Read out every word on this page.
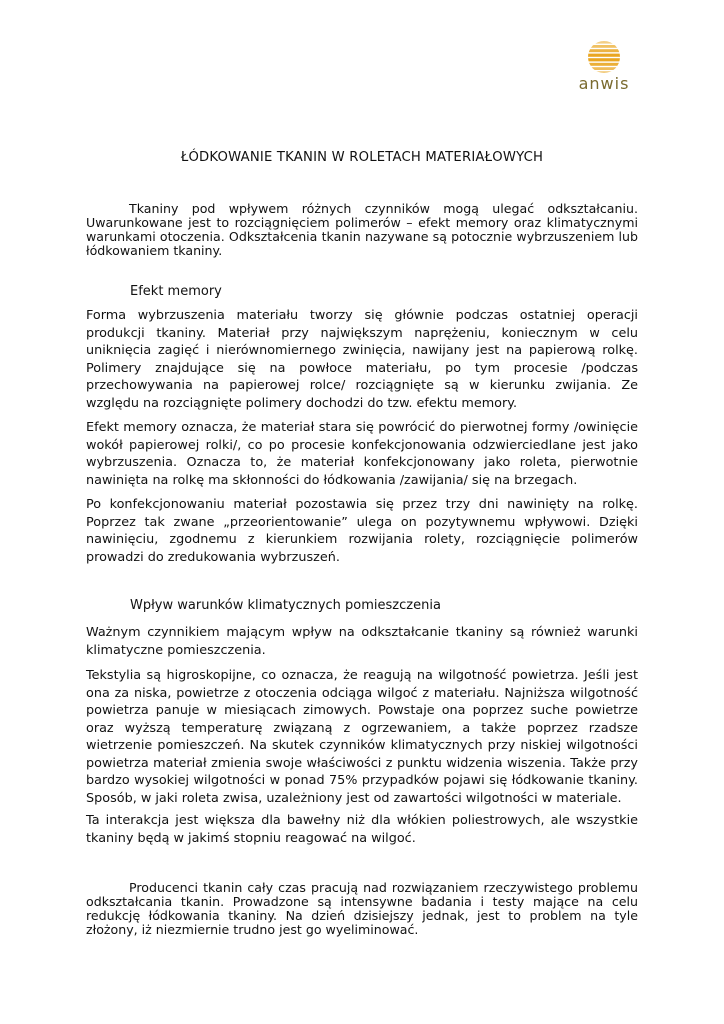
anwis
ŁÓDKOWANIE TKANIN W ROLETACH MATERIAŁOWYCH

Tkaniny pod wpływem różnych czynników mogą ulegać odkształcaniu. Uwarunkowane jest to rozciągnięciem polimerów – efekt memory oraz klimatycznymi warunkami otoczenia. Odkształcenia tkanin nazywane są potocznie wybrzuszeniem lub łódkowaniem tkaniny.

Efekt memory

Forma wybrzuszenia materiału tworzy się głównie podczas ostatniej operacji produkcji tkaniny. Materiał przy największym naprężeniu, koniecznym w celu uniknięcia zagięć i nierównomiernego zwinięcia, nawijany jest na papierową rolkę. Polimery znajdujące się na powłoce materiału, po tym procesie /podczas przechowywania na papierowej rolce/ rozciągnięte są w kierunku zwijania. Ze względu na rozciągnięte polimery dochodzi do tzw. efektu memory.

Efekt memory oznacza, że materiał stara się powrócić do pierwotnej formy /owinięcie wokół papierowej rolki/, co po procesie konfekcjonowania odzwierciedlane jest jako wybrzuszenia. Oznacza to, że materiał konfekcjonowany jako roleta, pierwotnie nawinięta na rolkę ma skłonności do łódkowania /zawijania/ się na brzegach.

Po konfekcjonowaniu materiał pozostawia się przez trzy dni nawinięty na rolkę. Poprzez tak zwane „przeorientowanie” ulega on pozytywnemu wpływowi. Dzięki nawinięciu, zgodnemu z kierunkiem rozwijania rolety, rozciągnięcie polimerów prowadzi do zredukowania wybrzuszeń.

Wpływ warunków klimatycznych pomieszczenia

Ważnym czynnikiem mającym wpływ na odkształcanie tkaniny są również warunki klimatyczne pomieszczenia.

Tekstylia są higroskopijne, co oznacza, że reagują na wilgotność powietrza. Jeśli jest ona za niska, powietrze z otoczenia odciąga wilgoć z materiału. Najniższa wilgotność powietrza panuje w miesiącach zimowych. Powstaje ona poprzez suche powietrze oraz wyższą temperaturę związaną z ogrzewaniem, a także poprzez rzadsze wietrzenie pomieszczeń. Na skutek czynników klimatycznych przy niskiej wilgotności powietrza materiał zmienia swoje właściwości z punktu widzenia wiszenia. Także przy bardzo wysokiej wilgotności w ponad 75% przypadków pojawi się łódkowanie tkaniny. Sposób, w jaki roleta zwisa, uzależniony jest od zawartości wilgotności w materiale.

Ta interakcja jest większa dla bawełny niż dla włókien poliestrowych, ale wszystkie tkaniny będą w jakimś stopniu reagować na wilgoć.

Producenci tkanin cały czas pracują nad rozwiązaniem rzeczywistego problemu odkształcania tkanin. Prowadzone są intensywne badania i testy mające na celu redukcję łódkowania tkaniny. Na dzień dzisiejszy jednak, jest to problem na tyle złożony, iż niezmiernie trudno jest go wyeliminować.
